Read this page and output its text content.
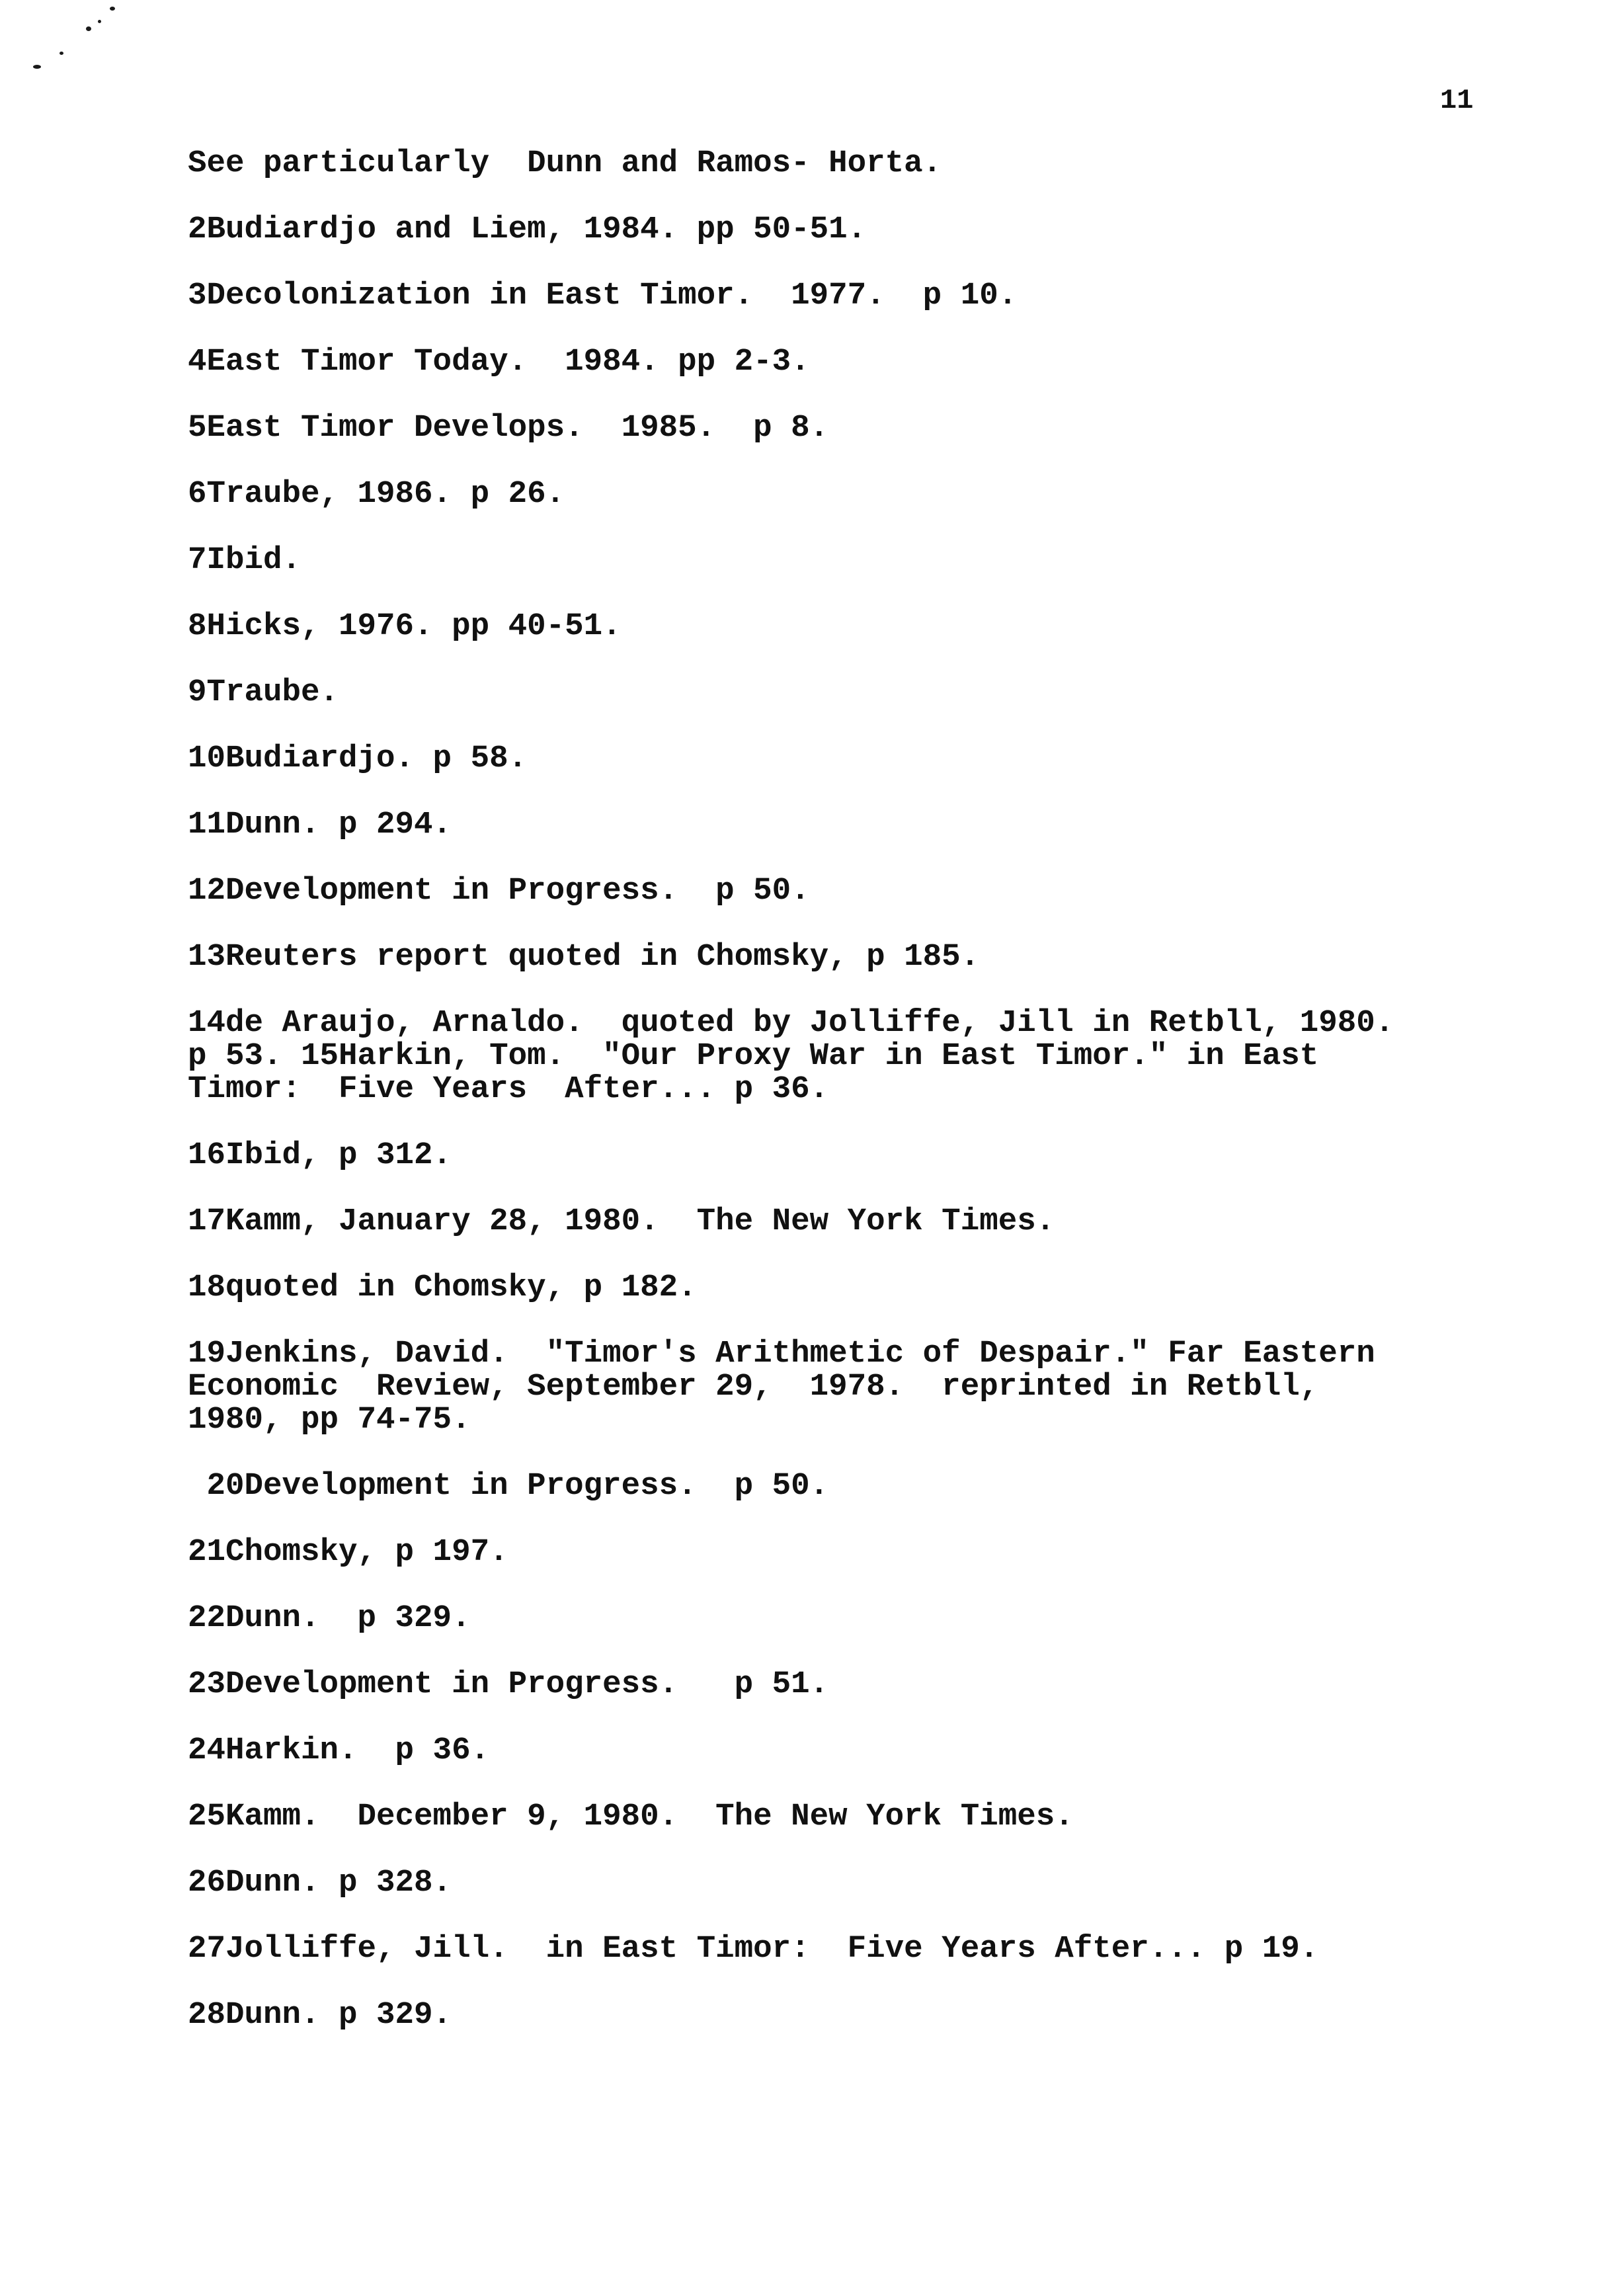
11
See particularly  Dunn and Ramos- Horta.
2Budiardjo and Liem, 1984. pp 50-51.
3Decolonization in East Timor.  1977.  p 10.
4East Timor Today.  1984. pp 2-3.
5East Timor Develops.  1985.  p 8.
6Traube, 1986. p 26.
7Ibid.
8Hicks, 1976. pp 40-51.
9Traube.
10Budiardjo. p 58.
11Dunn. p 294.
12Development in Progress.  p 50.
13Reuters report quoted in Chomsky, p 185.
14de Araujo, Arnaldo.  quoted by Jolliffe, Jill in Retbll, 1980.
p 53. 15Harkin, Tom.  "Our Proxy War in East Timor." in East
Timor:  Five Years  After... p 36.
16Ibid, p 312.
17Kamm, January 28, 1980.  The New York Times.
18quoted in Chomsky, p 182.
19Jenkins, David.  "Timor's Arithmetic of Despair." Far Eastern
Economic  Review, September 29,  1978.  reprinted in Retbll,
1980, pp 74-75.
20Development in Progress.  p 50.
21Chomsky, p 197.
22Dunn.  p 329.
23Development in Progress.   p 51.
24Harkin.  p 36.
25Kamm.  December 9, 1980.  The New York Times.
26Dunn. p 328.
27Jolliffe, Jill.  in East Timor:  Five Years After... p 19.
28Dunn. p 329.
